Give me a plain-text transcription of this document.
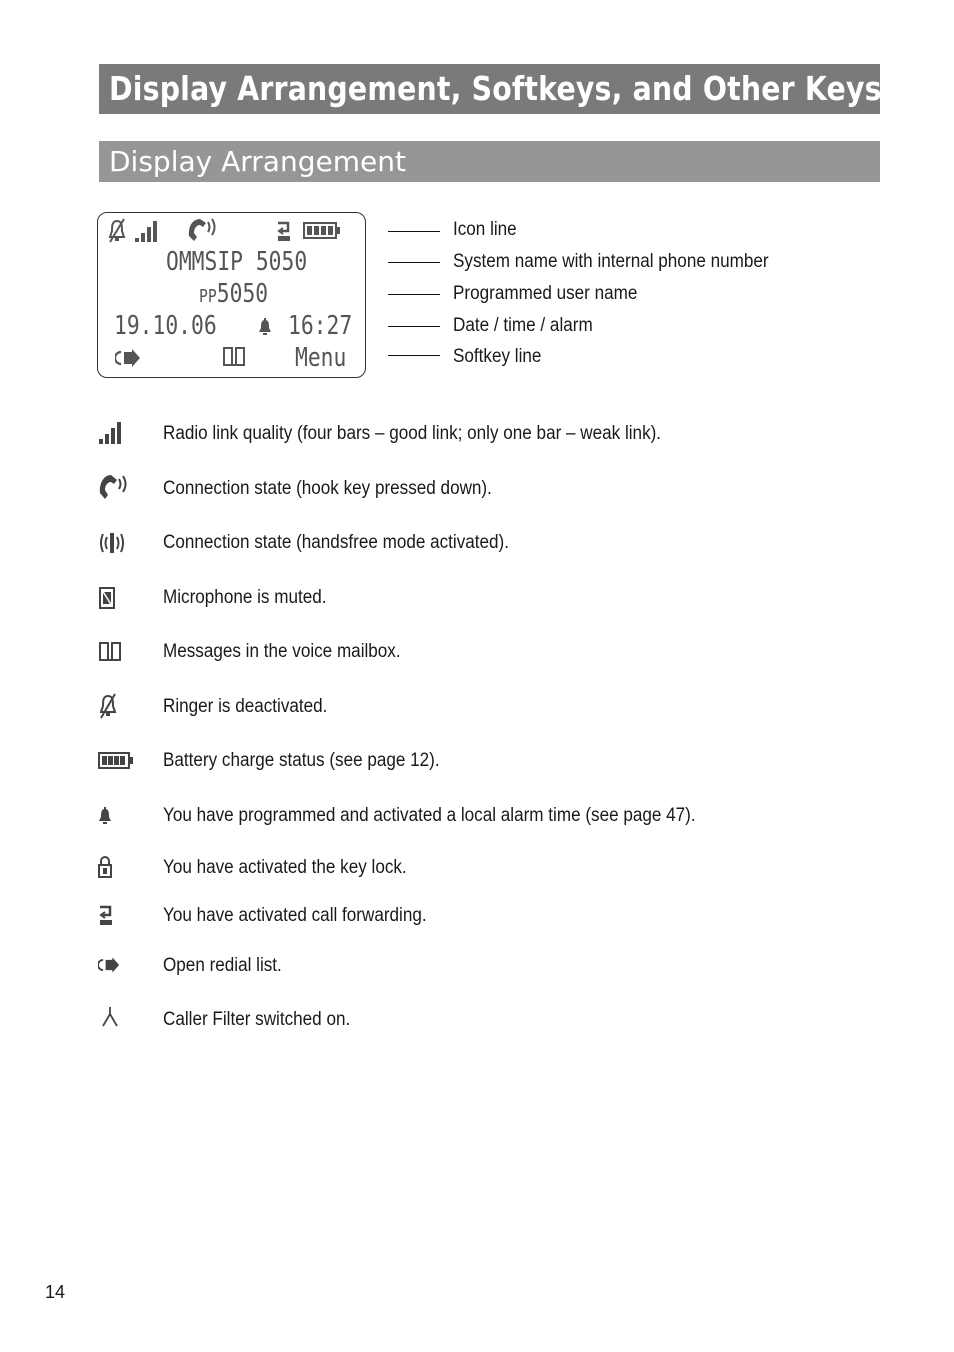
Display Arrangement, Softkeys, and Other Keys
Display Arrangement
OMMSIP 5050
PP5050
19.10.06	16:27
Menu
Icon line
System name with internal phone number
Programmed user name
Date / time / alarm
Softkey line
Radio link quality (four bars – good link; only one bar – weak link).
Connection state (hook key pressed down).
Connection state (handsfree mode activated).
Microphone is muted.
Messages in the voice mailbox.
Ringer is deactivated.
Battery charge status (see page 12).
You have programmed and activated a local alarm time (see page 47).
You have activated the key lock.
You have activated call forwarding.
Open redial list.
Caller Filter switched on.
14
